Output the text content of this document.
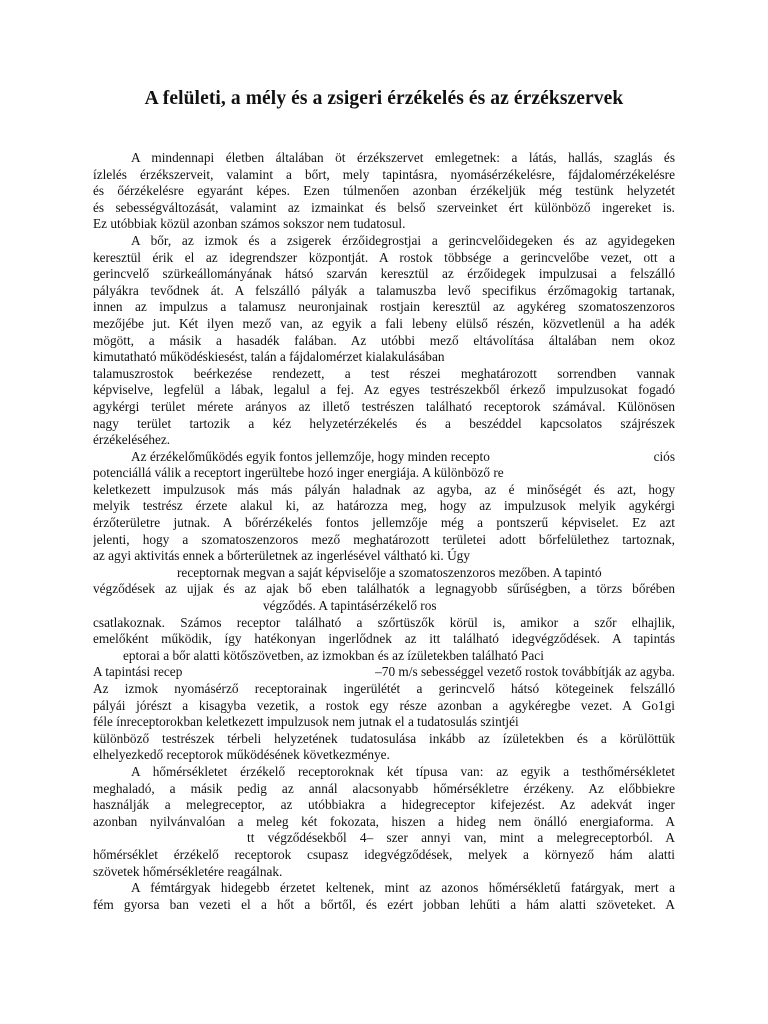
A felületi, a mély és a zsigeri érzékelés és az érzékszervek
A mindennapi életben általában öt érzékszervet emlegetnek: a látás, hallás, szaglás és
ízlelés érzékszerveit, valamint a bőrt, mely tapintásra, nyomásérzékelésre, fájdalomérzékelésre
és őérzékelésre egyaránt képes. Ezen túlmenően azonban érzékeljük még testünk helyzetét
és sebességváltozását, valamint az izmainkat és belső szerveinket ért különböző ingereket is.
Ez utóbbiak közül azonban számos sokszor nem tudatosul.
A bőr, az izmok és a zsigerek érzőidegrostjai a gerincvelőidegeken és az agyidegeken
keresztül érik el az idegrendszer központját. A rostok többsége a gerincvelőbe vezet, ott a
gerincvelő szürkeállományának hátsó szarván keresztül az érzőidegek impulzusai a felszálló
pályákra tevődnek át. A felszálló pályák a talamuszba levő specifikus érzőmagokig tartanak,
innen az impulzus a talamusz neuronjainak rostjain keresztül az agykéreg szomatoszenzoros
mezőjébe jut. Két ilyen mező van, az egyik a fali lebeny elülső részén, közvetlenül a ha adék
mögött, a másik a hasadék falában. Az utóbbi mező eltávolítása általában nem okoz
kimutatható működéskiesést, talán a fájdalomérzet kialakulásában
talamuszrostok beérkezése rendezett, a test részei meghatározott sorrendben vannak
képviselve, legfelül a lábak, legalul a fej. Az egyes testrészekből érkező impulzusokat fogadó
agykérgi terület mérete arányos az illető testrészen található receptorok számával. Különösen
nagy terület tartozik a kéz helyzetérzékelés és a beszéddel kapcsolatos szájrészek
érzékeléséhez.
Az érzékelőműködés egyik fontos jellemzője, hogy minden recepto	ciós
potenciállá válik a receptort ingerültebe hozó inger energiája. A különböző re
keletkezett impulzusok más más pályán haladnak az agyba, az é minőségét és azt, hogy
melyik testrész érzete alakul ki, az határozza meg, hogy az impulzusok melyik agykérgi
érzőterületre jutnak. A bőrérzékelés fontos jellemzője még a pontszerű képviselet. Ez azt
jelenti, hogy a szomatoszenzoros mező meghatározott területei adott bőrfelülethez tartoznak,
az agyi aktivitás ennek a bőrterületnek az ingerlésével váltható ki. Úgy
receptornak megvan a saját képviselője a szomatoszenzoros mezőben. A tapintó
végződések az ujjak és az ajak bő eben találhatók a legnagyobb sűrűségben, a törzs bőrében
végződés. A tapintásérzékelő ros
csatlakoznak. Számos receptor található a szőrtüszők körül is, amikor a szőr elhajlik,
emelőként működik, így hatékonyan ingerlődnek az itt található idegvégződések. A tapintás
eptorai a bőr alatti kötőszövetben, az izmokban és az ízületekben található Paci
A tapintási recep	–70 m/s sebességgel vezető rostok továbbítják az agyba.
Az izmok nyomásérző receptorainak ingerülétét a gerincvelő hátsó kötegeinek felszálló
pályái jórészt a kisagyba vezetik, a rostok egy része azonban a agykéregbe vezet. A Go1gi
féle ínreceptorokban keletkezett impulzusok nem jutnak el a tudatosulás szintjéi
különböző testrészek térbeli helyzetének tudatosulása inkább az ízületekben és a körülöttük
elhelyezkedő receptorok működésének következménye.
A hőmérsékletet érzékelő receptoroknak két típusa van: az egyik a testhőmérsékletet
meghaladó, a másik pedig az annál alacsonyabb hőmérsékletre érzékeny. Az előbbiekre
használják a melegreceptor, az utóbbiakra a hidegreceptor kifejezést. Az adekvát inger
azonban nyilvánvalóan a meleg két fokozata, hiszen a hideg nem önálló energiaforma. A
tt végződésekből 4– szer annyi van, mint a melegreceptorból. A
hőmérséklet érzékelő receptorok csupasz idegvégződések, melyek a környező hám alatti
szövetek hőmérsékletére reagálnak.
A fémtárgyak hidegebb érzetet keltenek, mint az azonos hőmérsékletű fatárgyak, mert a
fém gyorsa ban vezeti el a hőt a bőrtől, és ezért jobban lehűti a hám alatti szöveteket. A
